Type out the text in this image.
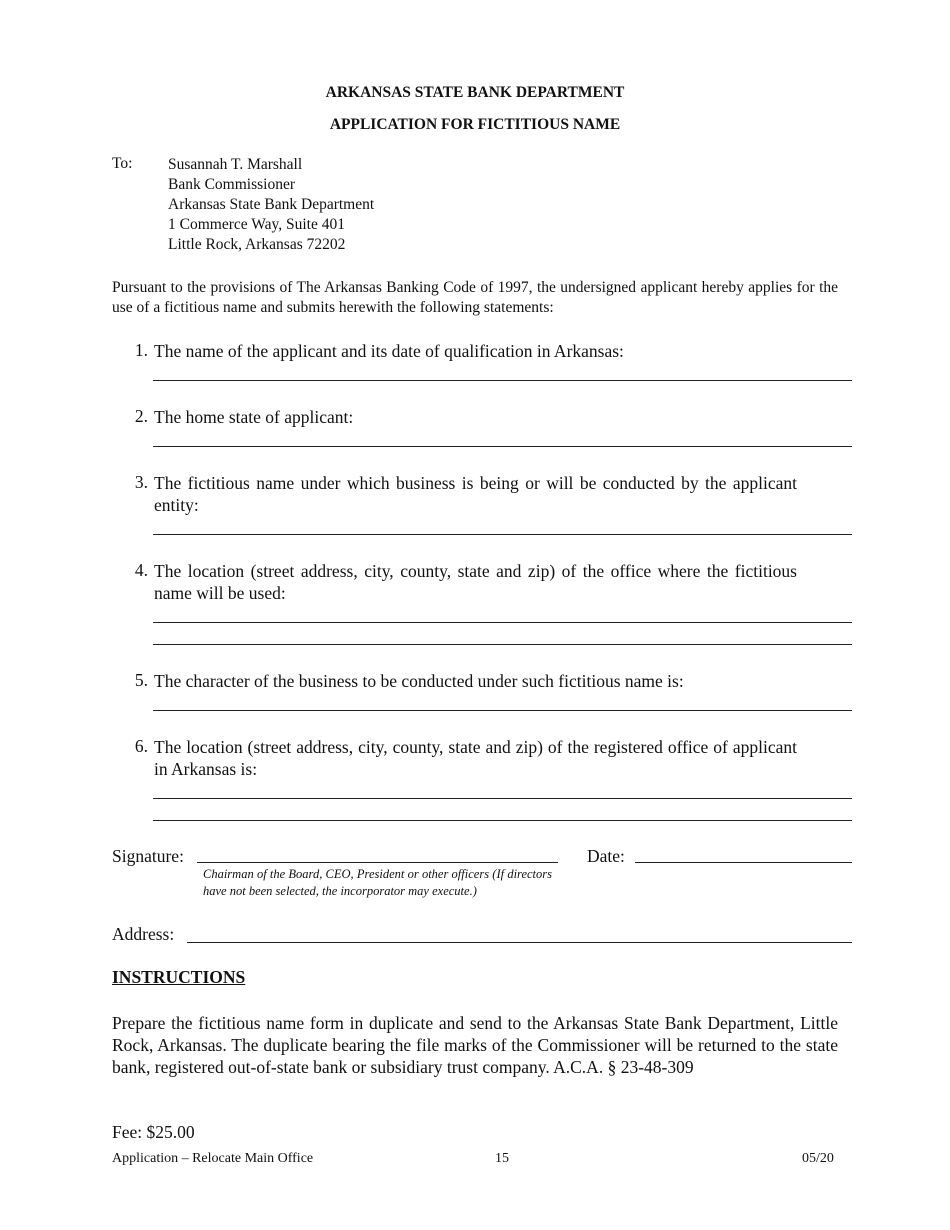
ARKANSAS STATE BANK DEPARTMENT
APPLICATION FOR FICTITIOUS NAME
To: Susannah T. Marshall
Bank Commissioner
Arkansas State Bank Department
1 Commerce Way, Suite 401
Little Rock, Arkansas 72202
Pursuant to the provisions of The Arkansas Banking Code of 1997, the undersigned applicant hereby applies for the use of a fictitious name and submits herewith the following statements:
1. The name of the applicant and its date of qualification in Arkansas:
2. The home state of applicant:
3. The fictitious name under which business is being or will be conducted by the applicant entity:
4. The location (street address, city, county, state and zip) of the office where the fictitious name will be used:
5. The character of the business to be conducted under such fictitious name is:
6. The location (street address, city, county, state and zip) of the registered office of applicant in Arkansas is:
Signature:
Chairman of the Board, CEO, President or other officers (If directors have not been selected, the incorporator may execute.)
Date:
Address:
INSTRUCTIONS
Prepare the fictitious name form in duplicate and send to the Arkansas State Bank Department, Little Rock, Arkansas. The duplicate bearing the file marks of the Commissioner will be returned to the state bank, registered out-of-state bank or subsidiary trust company. A.C.A. § 23-48-309
Fee: $25.00
Application – Relocate Main Office	15	05/20
